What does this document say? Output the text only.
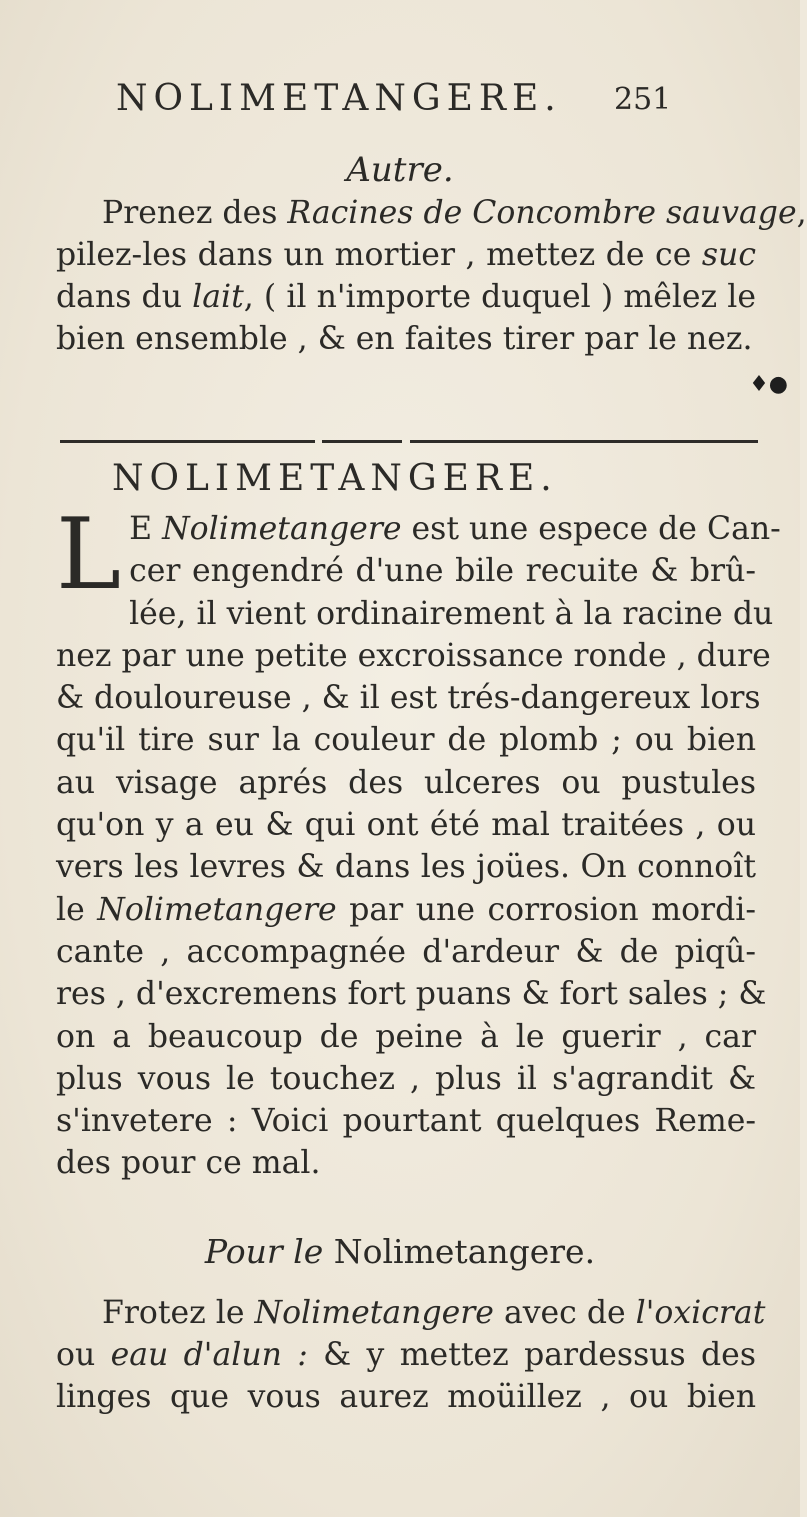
NOLIMETANGERE. 251
Autre.
Prenez des Racines de Concombre sauvage,
pilez-les dans un mortier , mettez de ce suc
dans du lait, ( il n'importe duquel ) mêlez le
bien ensemble , & en faites tirer par le nez.
♦●
NOLIMETANGERE.
L E Nolimetangere est une espece de Can-
cer engendré d'une bile recuite & brû-
lée, il vient ordinairement à la racine du
nez par une petite excroissance ronde , dure
& douloureuse , & il est trés-dangereux lors
qu'il tire sur la couleur de plomb ; ou bien
au visage aprés des ulceres ou pustules
qu'on y a eu & qui ont été mal traitées , ou
vers les levres & dans les joües. On connoît
le Nolimetangere par une corrosion mordi-
cante , accompagnée d'ardeur & de piqû-
res , d'excremens fort puans & fort sales ; &
on a beaucoup de peine à le guerir , car
plus vous le touchez , plus il s'agrandit &
s'invetere : Voici pourtant quelques Reme-
des pour ce mal.
Pour le Nolimetangere.
Frotez le Nolimetangere avec de l'oxicrat
ou eau d'alun : & y mettez pardessus des
linges que vous aurez moüillez , ou bien
